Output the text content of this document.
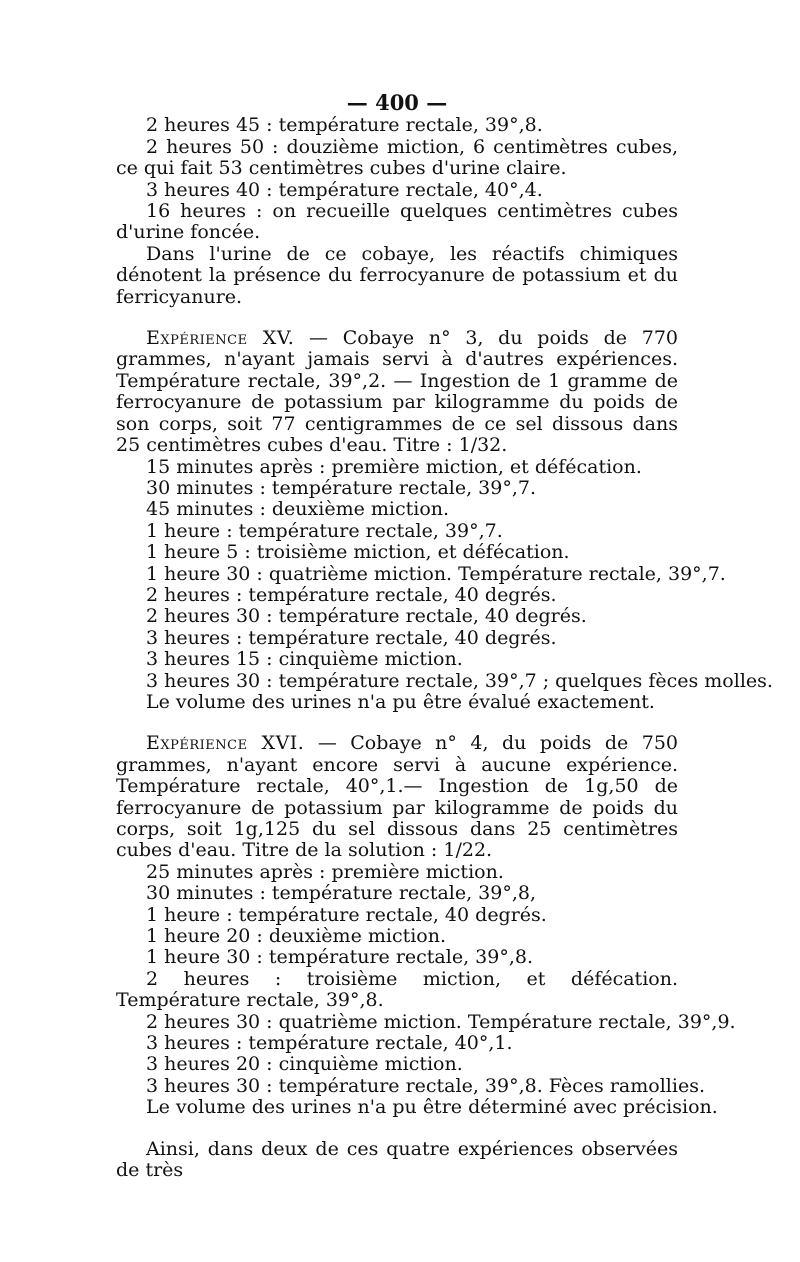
— 400 —
2 heures 45 : température rectale, 39°,8.

2 heures 50 : douzième miction, 6 centimètres cubes, ce qui fait 53 centimètres cubes d'urine claire.

3 heures 40 : température rectale, 40°,4.

16 heures : on recueille quelques centimètres cubes d'urine foncée.

Dans l'urine de ce cobaye, les réactifs chimiques dénotent la présence du ferrocyanure de potassium et du ferricyanure.

Expérience XV. — Cobaye n° 3, du poids de 770 grammes, n'ayant jamais servi à d'autres expériences. Température rectale, 39°,2. — Ingestion de 1 gramme de ferrocyanure de potassium par kilogramme du poids de son corps, soit 77 centigrammes de ce sel dissous dans 25 centimètres cubes d'eau. Titre : 1/32.

15 minutes après : première miction, et défécation.
30 minutes : température rectale, 39°,7.
45 minutes : deuxième miction.
1 heure : température rectale, 39°,7.
1 heure 5 : troisième miction, et défécation.
1 heure 30 : quatrième miction. Température rectale, 39°,7.
2 heures : température rectale, 40 degrés.
2 heures 30 : température rectale, 40 degrés.
3 heures : température rectale, 40 degrés.
3 heures 15 : cinquième miction.
3 heures 30 : température rectale, 39°,7 ; quelques fèces molles.
Le volume des urines n'a pu être évalué exactement.

Expérience XVI. — Cobaye n° 4, du poids de 750 grammes, n'ayant encore servi à aucune expérience. Température rectale, 40°,1.— Ingestion de 1g,50 de ferrocyanure de potassium par kilogramme de poids du corps, soit 1g,125 du sel dissous dans 25 centimètres cubes d'eau. Titre de la solution : 1/22.

25 minutes après : première miction.
30 minutes : température rectale, 39°,8,
1 heure : température rectale, 40 degrés.
1 heure 20 : deuxième miction.
1 heure 30 : température rectale, 39°,8.

2 heures : troisième miction, et défécation. Température rectale, 39°,8.

2 heures 30 : quatrième miction. Température rectale, 39°,9.
3 heures : température rectale, 40°,1.
3 heures 20 : cinquième miction.
3 heures 30 : température rectale, 39°,8. Fèces ramollies.
Le volume des urines n'a pu être déterminé avec précision.

Ainsi, dans deux de ces quatre expériences observées de très
